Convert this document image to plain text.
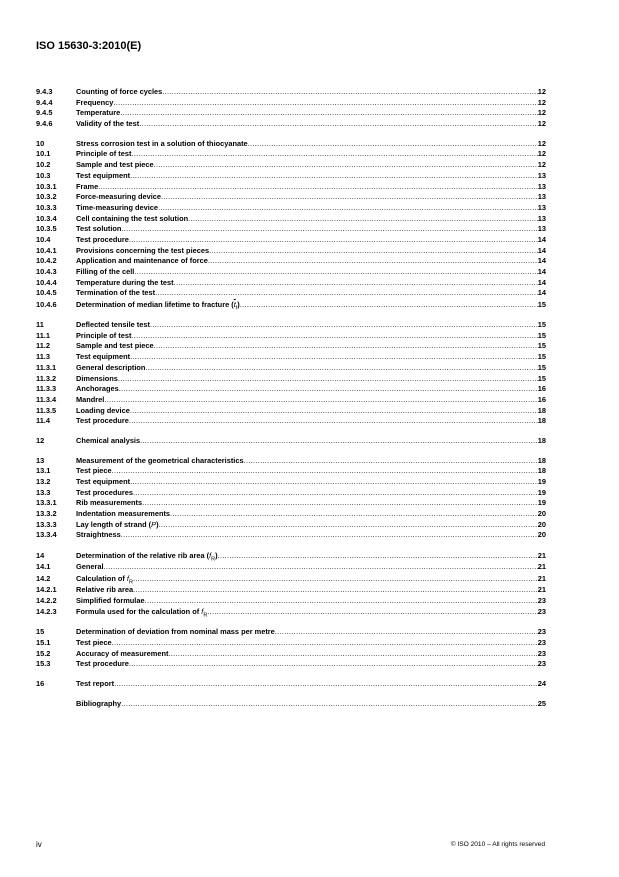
ISO 15630-3:2010(E)
9.4.3	Counting of force cycles .....	12
9.4.4	Frequency .....	12
9.4.5	Temperature .....	12
9.4.6	Validity of the test .....	12
10	Stress corrosion test in a solution of thiocyanate .....	12
10.1	Principle of test .....	12
10.2	Sample and test piece .....	12
10.3	Test equipment .....	13
10.3.1	Frame .....	13
10.3.2	Force-measuring device .....	13
10.3.3	Time-measuring device .....	13
10.3.4	Cell containing the test solution .....	13
10.3.5	Test solution .....	13
10.4	Test procedure .....	14
10.4.1	Provisions concerning the test pieces .....	14
10.4.2	Application and maintenance of force .....	14
10.4.3	Filling of the cell .....	14
10.4.4	Temperature during the test .....	14
10.4.5	Termination of the test .....	14
10.4.6	Determination of median lifetime to fracture $(\overline{t}_f)$ .....	15
11	Deflected tensile test .....	15
11.1	Principle of test .....	15
11.2	Sample and test piece .....	15
11.3	Test equipment .....	15
11.3.1	General description .....	15
11.3.2	Dimensions .....	15
11.3.3	Anchorages .....	16
11.3.4	Mandrel .....	16
11.3.5	Loading device .....	18
11.4	Test procedure .....	18
12	Chemical analysis .....	18
13	Measurement of the geometrical characteristics .....	18
13.1	Test piece .....	18
13.2	Test equipment .....	19
13.3	Test procedures .....	19
13.3.1	Rib measurements .....	19
13.3.2	Indentation measurements .....	20
13.3.3	Lay length of strand (P) .....	20
13.3.4	Straightness .....	20
14	Determination of the relative rib area $(f_R)$ .....	21
14.1	General .....	21
14.2	Calculation of $f_R$ .....	21
14.2.1	Relative rib area .....	21
14.2.2	Simplified formulae .....	23
14.2.3	Formula used for the calculation of $f_R$ .....	23
15	Determination of deviation from nominal mass per metre .....	23
15.1	Test piece .....	23
15.2	Accuracy of measurement .....	23
15.3	Test procedure .....	23
16	Test report .....	24
Bibliography .....	25
iv	© ISO 2010 – All rights reserved
